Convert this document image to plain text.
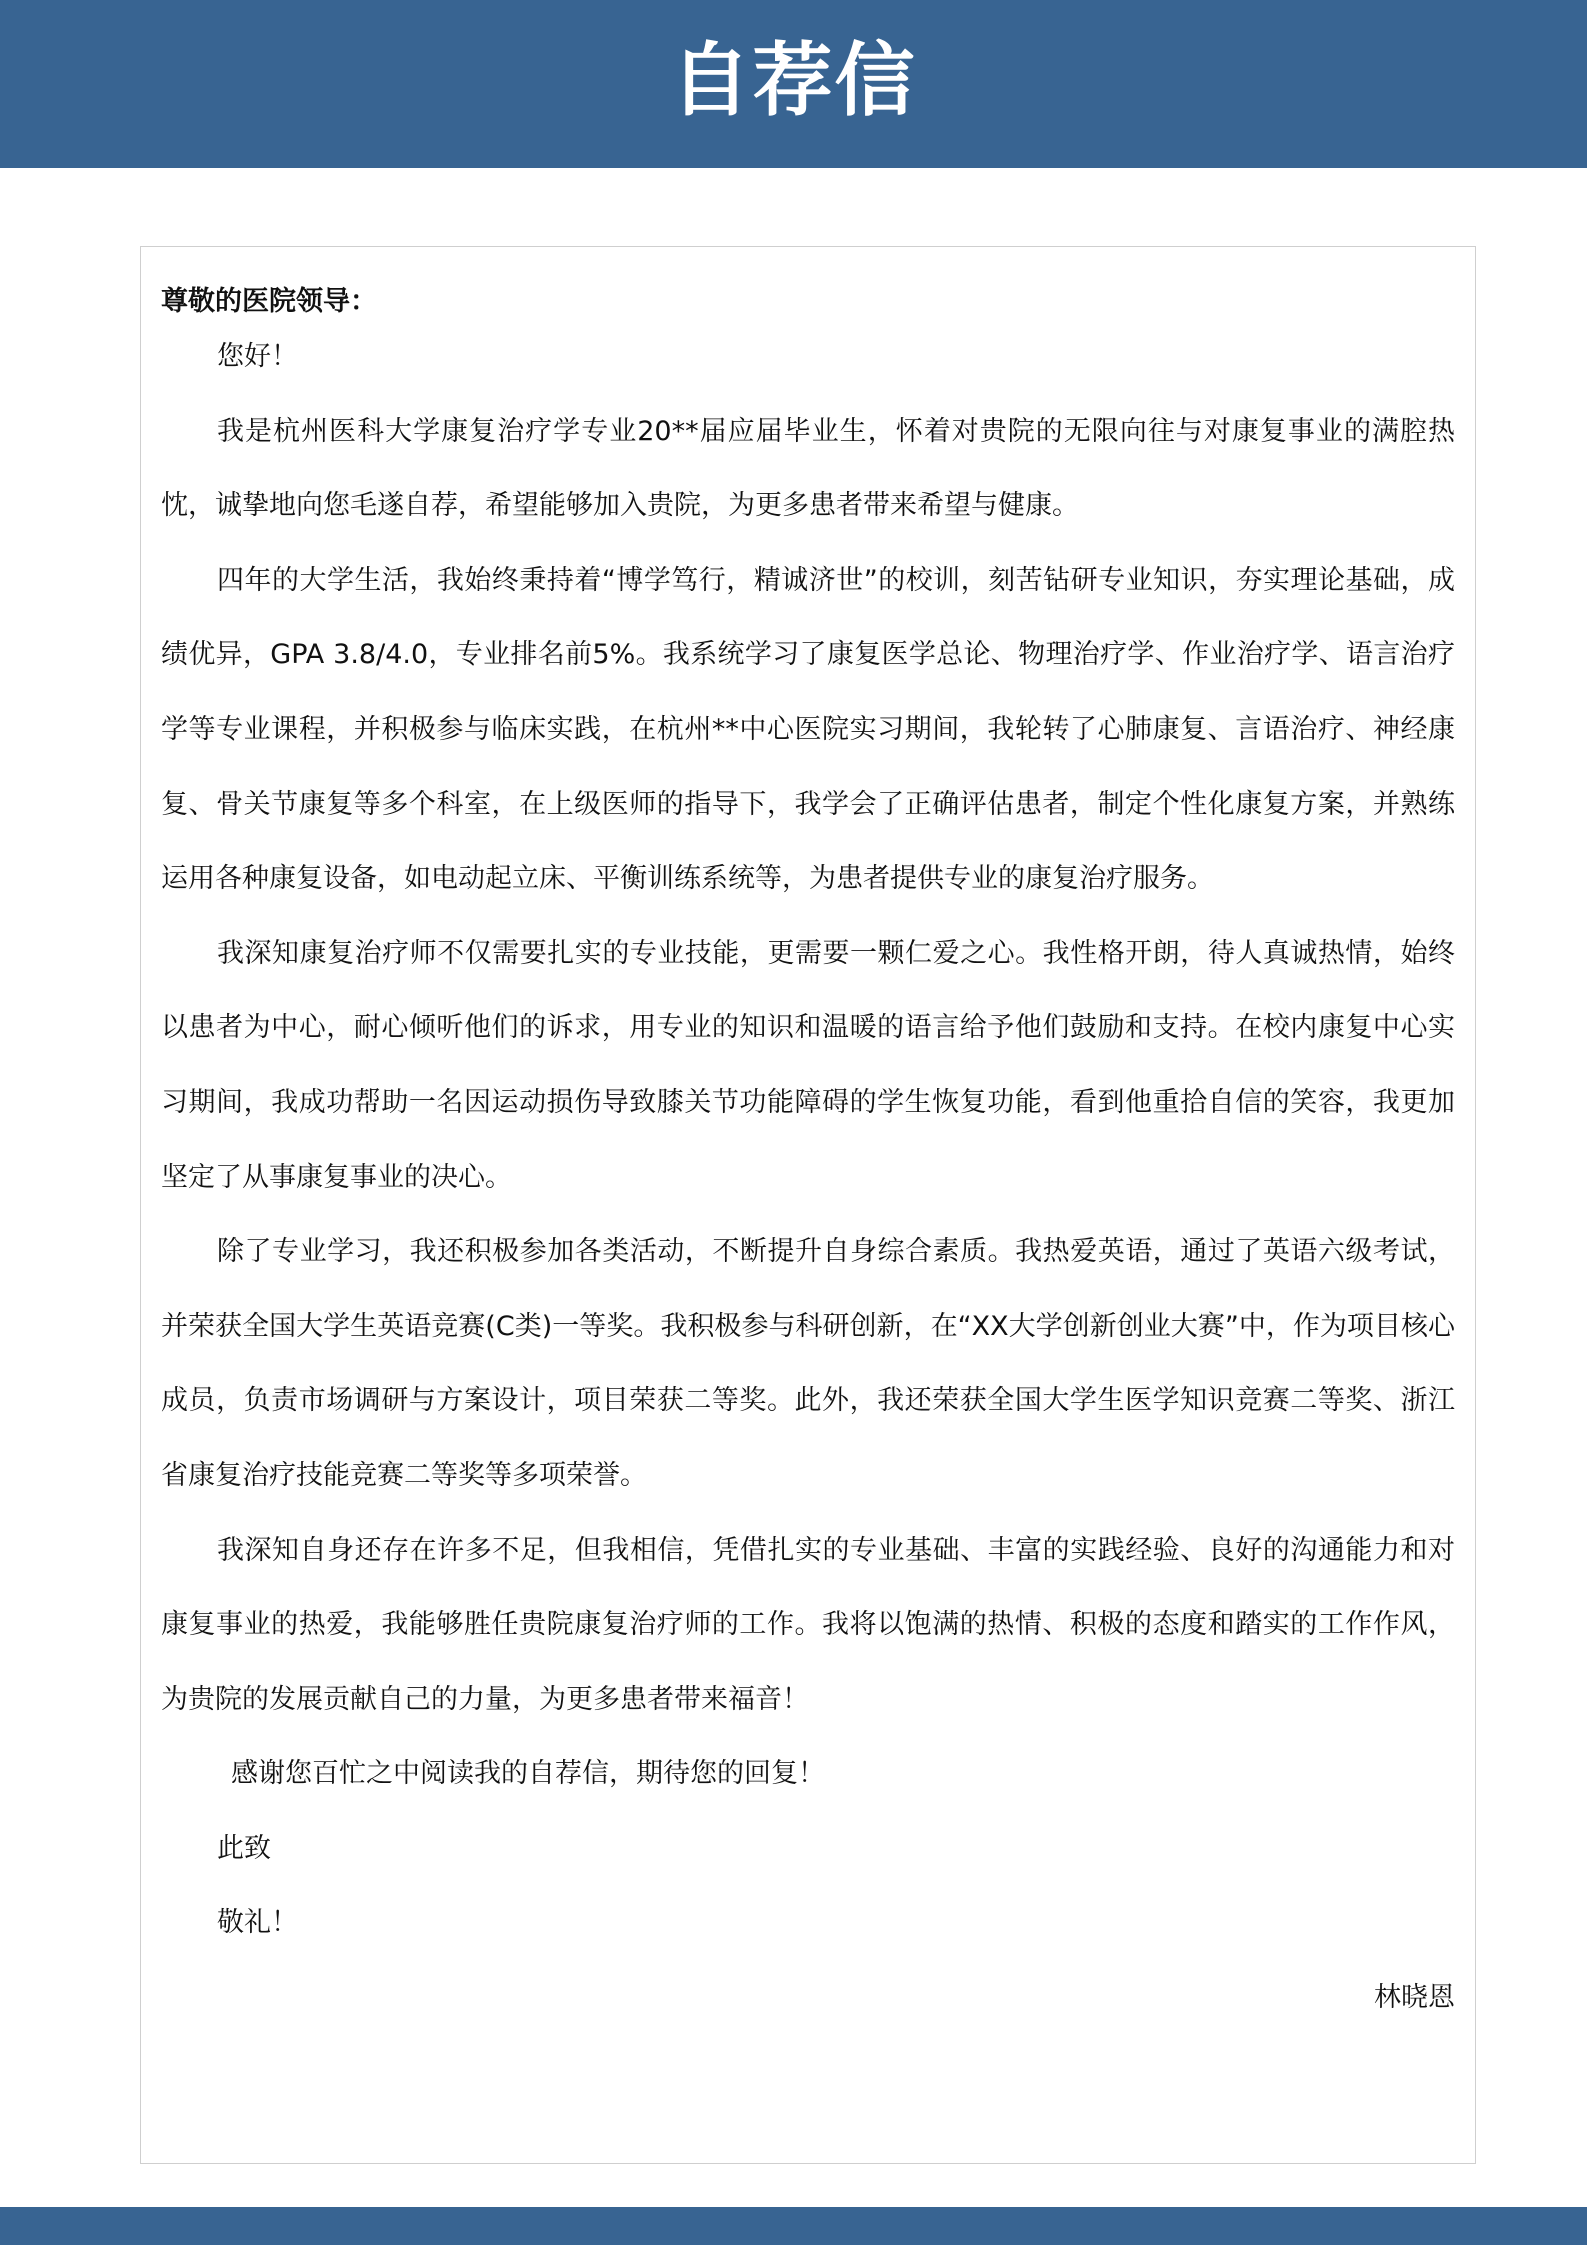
自荐信

尊敬的医院领导：

您好！

我是杭州医科大学康复治疗学专业20**届应届毕业生，怀着对贵院的无限向往与对康复事业的满腔热忱，诚挚地向您毛遂自荐，希望能够加入贵院，为更多患者带来希望与健康。

四年的大学生活，我始终秉持着“博学笃行，精诚济世”的校训，刻苦钻研专业知识，夯实理论基础，成绩优异，GPA 3.8/4.0，专业排名前5%。我系统学习了康复医学总论、物理治疗学、作业治疗学、语言治疗学等专业课程，并积极参与临床实践，在杭州**中心医院实习期间，我轮转了心肺康复、言语治疗、神经康复、骨关节康复等多个科室，在上级医师的指导下，我学会了正确评估患者，制定个性化康复方案，并熟练运用各种康复设备，如电动起立床、平衡训练系统等，为患者提供专业的康复治疗服务。

我深知康复治疗师不仅需要扎实的专业技能，更需要一颗仁爱之心。我性格开朗，待人真诚热情，始终以患者为中心，耐心倾听他们的诉求，用专业的知识和温暖的语言给予他们鼓励和支持。在校内康复中心实习期间，我成功帮助一名因运动损伤导致膝关节功能障碍的学生恢复功能，看到他重拾自信的笑容，我更加坚定了从事康复事业的决心。

除了专业学习，我还积极参加各类活动，不断提升自身综合素质。我热爱英语，通过了英语六级考试，并荣获全国大学生英语竞赛(C类)一等奖。我积极参与科研创新，在“XX大学创新创业大赛”中，作为项目核心成员，负责市场调研与方案设计，项目荣获二等奖。此外，我还荣获全国大学生医学知识竞赛二等奖、浙江省康复治疗技能竞赛二等奖等多项荣誉。

我深知自身还存在许多不足，但我相信，凭借扎实的专业基础、丰富的实践经验、良好的沟通能力和对康复事业的热爱，我能够胜任贵院康复治疗师的工作。我将以饱满的热情、积极的态度和踏实的工作作风，为贵院的发展贡献自己的力量，为更多患者带来福音！

感谢您百忙之中阅读我的自荐信，期待您的回复！

此致

敬礼！

林晓恩
